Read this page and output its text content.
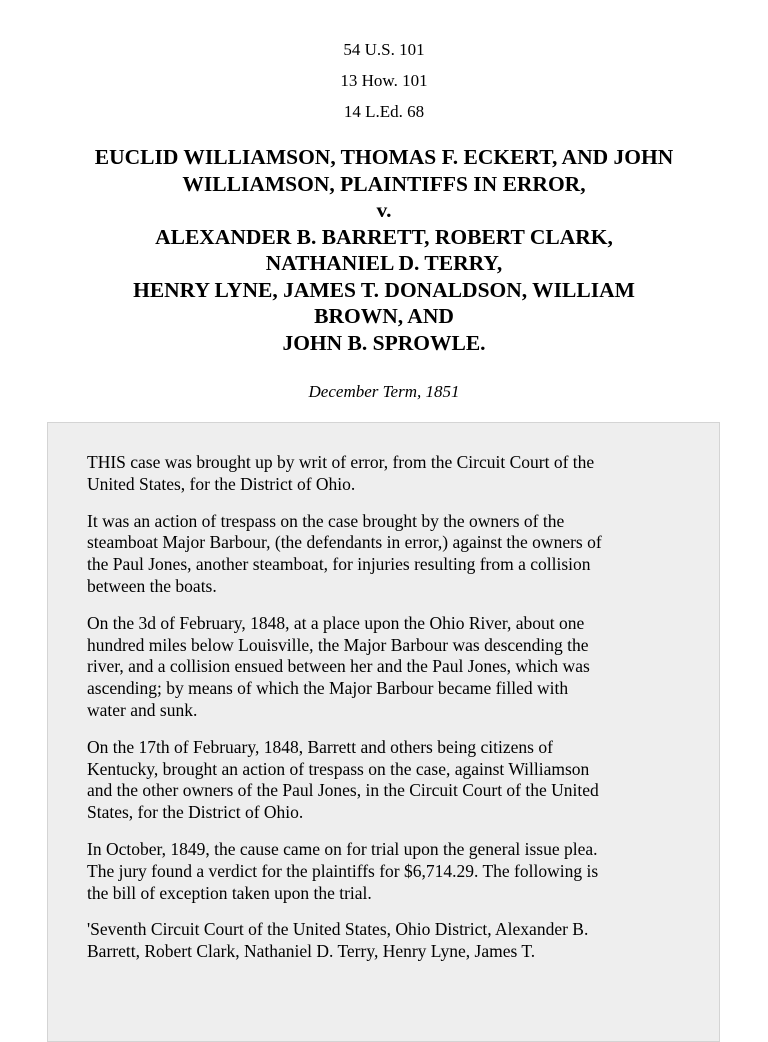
54 U.S. 101
13 How. 101
14 L.Ed. 68
EUCLID WILLIAMSON, THOMAS F. ECKERT, AND JOHN
WILLIAMSON, PLAINTIFFS IN ERROR,
v.
ALEXANDER B. BARRETT, ROBERT CLARK,
NATHANIEL D. TERRY,
HENRY LYNE, JAMES T. DONALDSON, WILLIAM
BROWN, AND
JOHN B. SPROWLE.
December Term, 1851

THIS case was brought up by writ of error, from the Circuit Court of the
United States, for the District of Ohio.

It was an action of trespass on the case brought by the owners of the
steamboat Major Barbour, (the defendants in error,) against the owners of
the Paul Jones, another steamboat, for injuries resulting from a collision
between the boats.

On the 3d of February, 1848, at a place upon the Ohio River, about one
hundred miles below Louisville, the Major Barbour was descending the
river, and a collision ensued between her and the Paul Jones, which was
ascending; by means of which the Major Barbour became filled with
water and sunk.

On the 17th of February, 1848, Barrett and others being citizens of
Kentucky, brought an action of trespass on the case, against Williamson
and the other owners of the Paul Jones, in the Circuit Court of the United
States, for the District of Ohio.

In October, 1849, the cause came on for trial upon the general issue plea.
The jury found a verdict for the plaintiffs for $6,714.29. The following is
the bill of exception taken upon the trial.

'Seventh Circuit Court of the United States, Ohio District, Alexander B.
Barrett, Robert Clark, Nathaniel D. Terry, Henry Lyne, James T.
